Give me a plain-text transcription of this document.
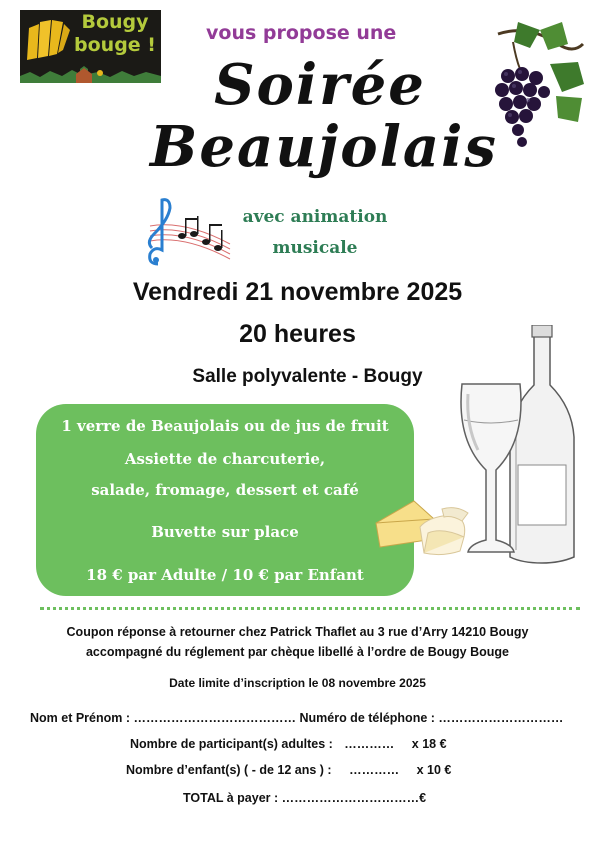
Bougy
bouge !
vous propose une
Soirée
Beaujolais
avec animation
musicale
Vendredi 21 novembre 2025
20 heures
Salle polyvalente - Bougy
1 verre de Beaujolais ou de jus de fruit
Assiette de charcuterie,
salade, fromage, dessert et café
Buvette sur place
18 € par Adulte / 10 € par Enfant
Coupon réponse à retourner chez Patrick Thaflet au 3 rue d’Arry 14210 Bougy
accompagné du réglement par chèque libellé à l’ordre de Bougy Bouge
Date limite d’inscription le 08 novembre 2025
Nom et Prénom : ………………………………… Numéro de téléphone : …………………………
Nombre de participant(s) adultes : ………… x 18 €
Nombre d’enfant(s) ( - de 12 ans ) : ………… x 10 €
TOTAL à payer : ……………………………€
